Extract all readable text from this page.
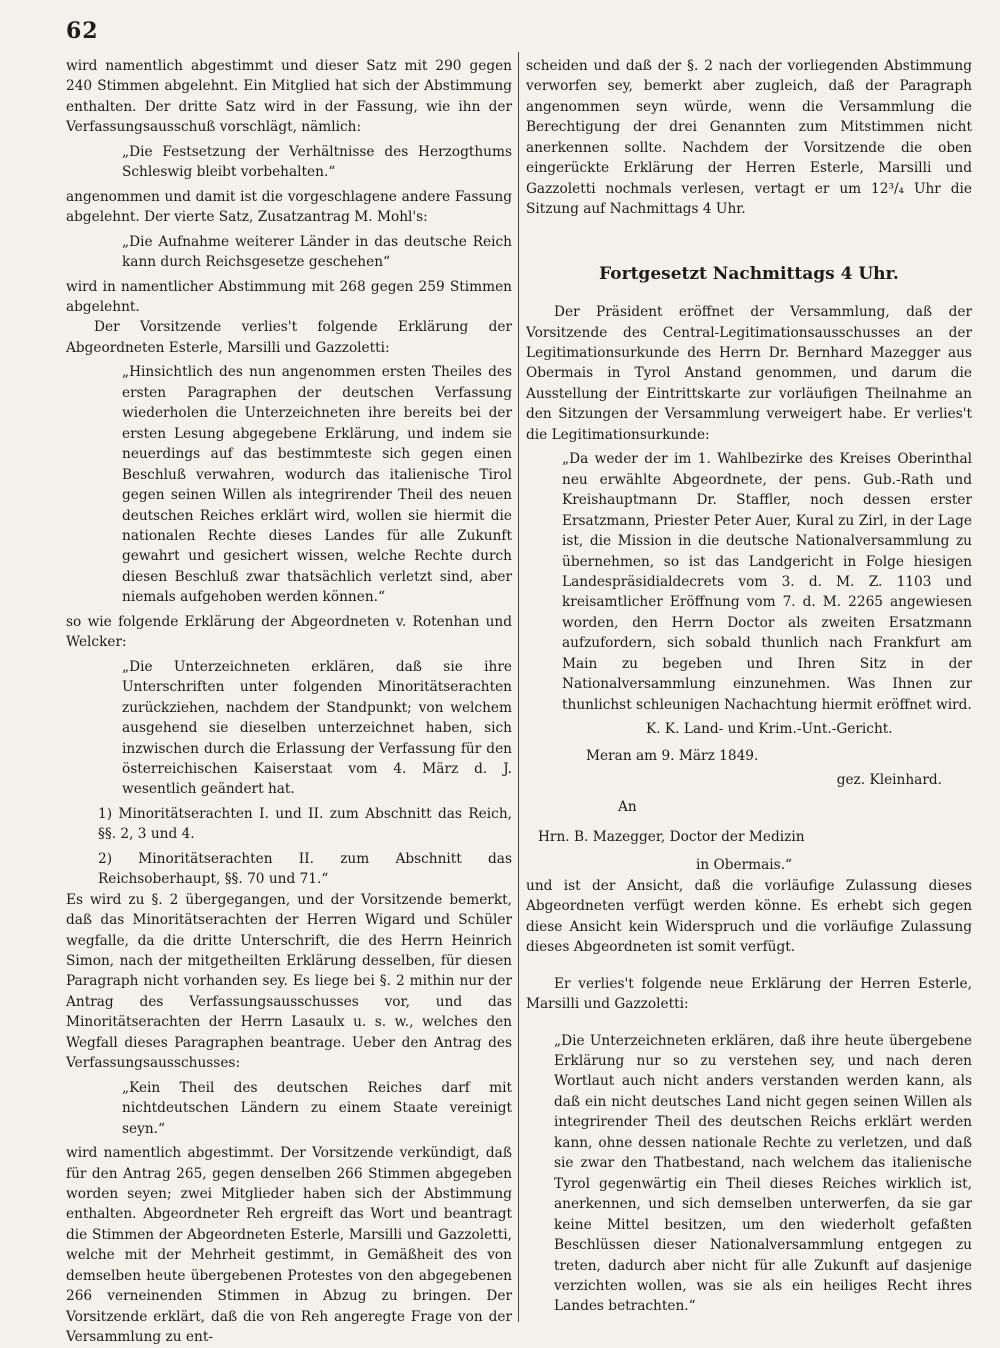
62

wird namentlich abgestimmt und dieser Satz mit 290 gegen 240 Stimmen abgelehnt. Ein Mitglied hat sich der Abstimmung enthalten. Der dritte Satz wird in der Fassung, wie ihn der Verfassungsausschuß vorschlägt, nämlich:

„Die Festsetzung der Verhältnisse des Herzogthums Schleswig bleibt vorbehalten.“

angenommen und damit ist die vorgeschlagene andere Fassung abgelehnt. Der vierte Satz, Zusatzantrag M. Mohl's:

„Die Aufnahme weiterer Länder in das deutsche Reich kann durch Reichsgesetze geschehen“

wird in namentlicher Abstimmung mit 268 gegen 259 Stimmen abgelehnt.

Der Vorsitzende verlies't folgende Erklärung der Abgeordneten Esterle, Marsilli und Gazzoletti:

„Hinsichtlich des nun angenommen ersten Theiles des ersten Paragraphen der deutschen Verfassung wiederholen die Unterzeichneten ihre bereits bei der ersten Lesung abgegebene Erklärung, und indem sie neuerdings auf das bestimmteste sich gegen einen Beschluß verwahren, wodurch das italienische Tirol gegen seinen Willen als integrirender Theil des neuen deutschen Reiches erklärt wird, wollen sie hiermit die nationalen Rechte dieses Landes für alle Zukunft gewahrt und gesichert wissen, welche Rechte durch diesen Beschluß zwar thatsächlich verletzt sind, aber niemals aufgehoben werden können.“

so wie folgende Erklärung der Abgeordneten v. Rotenhan und Welcker:

„Die Unterzeichneten erklären, daß sie ihre Unterschriften unter folgenden Minoritätserachten zurückziehen, nachdem der Standpunkt; von welchem ausgehend sie dieselben unterzeichnet haben, sich inzwischen durch die Erlassung der Verfassung für den österreichischen Kaiserstaat vom 4. März d. J. wesentlich geändert hat.

1) Minoritätserachten I. und II. zum Abschnitt das Reich, §§. 2, 3 und 4.

2) Minoritätserachten II. zum Abschnitt das Reichsoberhaupt, §§. 70 und 71.“

Es wird zu §. 2 übergegangen, und der Vorsitzende bemerkt, daß das Minoritätserachten der Herren Wigard und Schüler wegfalle, da die dritte Unterschrift, die des Herrn Heinrich Simon, nach der mitgetheilten Erklärung desselben, für diesen Paragraph nicht vorhanden sey. Es liege bei §. 2 mithin nur der Antrag des Verfassungsausschusses vor, und das Minoritätserachten der Herrn Lasaulx u. s. w., welches den Wegfall dieses Paragraphen beantrage. Ueber den Antrag des Verfassungsausschusses:

„Kein Theil des deutschen Reiches darf mit nichtdeutschen Ländern zu einem Staate vereinigt seyn.“

wird namentlich abgestimmt. Der Vorsitzende verkündigt, daß für den Antrag 265, gegen denselben 266 Stimmen abgegeben worden seyen; zwei Mitglieder haben sich der Abstimmung enthalten. Abgeordneter Reh ergreift das Wort und beantragt die Stimmen der Abgeordneten Esterle, Marsilli und Gazzoletti, welche mit der Mehrheit gestimmt, in Gemäßheit des von demselben heute übergebenen Protestes von den abgegebenen 266 verneinenden Stimmen in Abzug zu bringen. Der Vorsitzende erklärt, daß die von Reh angeregte Frage von der Versammlung zu ent-

scheiden und daß der §. 2 nach der vorliegenden Abstimmung verworfen sey, bemerkt aber zugleich, daß der Paragraph angenommen seyn würde, wenn die Versammlung die Berechtigung der drei Genannten zum Mitstimmen nicht anerkennen sollte. Nachdem der Vorsitzende die oben eingerückte Erklärung der Herren Esterle, Marsilli und Gazzoletti nochmals verlesen, vertagt er um 12³/₄ Uhr die Sitzung auf Nachmittags 4 Uhr.

Fortgesetzt Nachmittags 4 Uhr.

Der Präsident eröffnet der Versammlung, daß der Vorsitzende des Central-Legitimationsausschusses an der Legitimationsurkunde des Herrn Dr. Bernhard Mazegger aus Obermais in Tyrol Anstand genommen, und darum die Ausstellung der Eintrittskarte zur vorläufigen Theilnahme an den Sitzungen der Versammlung verweigert habe. Er verlies't die Legitimationsurkunde:

„Da weder der im 1. Wahlbezirke des Kreises Oberinthal neu erwählte Abgeordnete, der pens. Gub.-Rath und Kreishauptmann Dr. Staffler, noch dessen erster Ersatzmann, Priester Peter Auer, Kural zu Zirl, in der Lage ist, die Mission in die deutsche Nationalversammlung zu übernehmen, so ist das Landgericht in Folge hiesigen Landespräsidialdecrets vom 3. d. M. Z. 1103 und kreisamtlicher Eröffnung vom 7. d. M. 2265 angewiesen worden, den Herrn Doctor als zweiten Ersatzmann aufzufordern, sich sobald thunlich nach Frankfurt am Main zu begeben und Ihren Sitz in der Nationalversammlung einzunehmen. Was Ihnen zur thunlichst schleunigen Nachachtung hiermit eröffnet wird.

K. K. Land- und Krim.-Unt.-Gericht.

Meran am 9. März 1849.

gez. Kleinhard.

An

Hrn. B. Mazegger, Doctor der Medizin

in Obermais.“

und ist der Ansicht, daß die vorläufige Zulassung dieses Abgeordneten verfügt werden könne. Es erhebt sich gegen diese Ansicht kein Widerspruch und die vorläufige Zulassung dieses Abgeordneten ist somit verfügt.

Er verlies't folgende neue Erklärung der Herren Esterle, Marsilli und Gazzoletti:

„Die Unterzeichneten erklären, daß ihre heute übergebene Erklärung nur so zu verstehen sey, und nach deren Wortlaut auch nicht anders verstanden werden kann, als daß ein nicht deutsches Land nicht gegen seinen Willen als integrirender Theil des deutschen Reichs erklärt werden kann, ohne dessen nationale Rechte zu verletzen, und daß sie zwar den Thatbestand, nach welchem das italienische Tyrol gegenwärtig ein Theil dieses Reiches wirklich ist, anerkennen, und sich demselben unterwerfen, da sie gar keine Mittel besitzen, um den wiederholt gefaßten Beschlüssen dieser Nationalversammlung entgegen zu treten, dadurch aber nicht für alle Zukunft auf dasjenige verzichten wollen, was sie als ein heiliges Recht ihres Landes betrachten.“
